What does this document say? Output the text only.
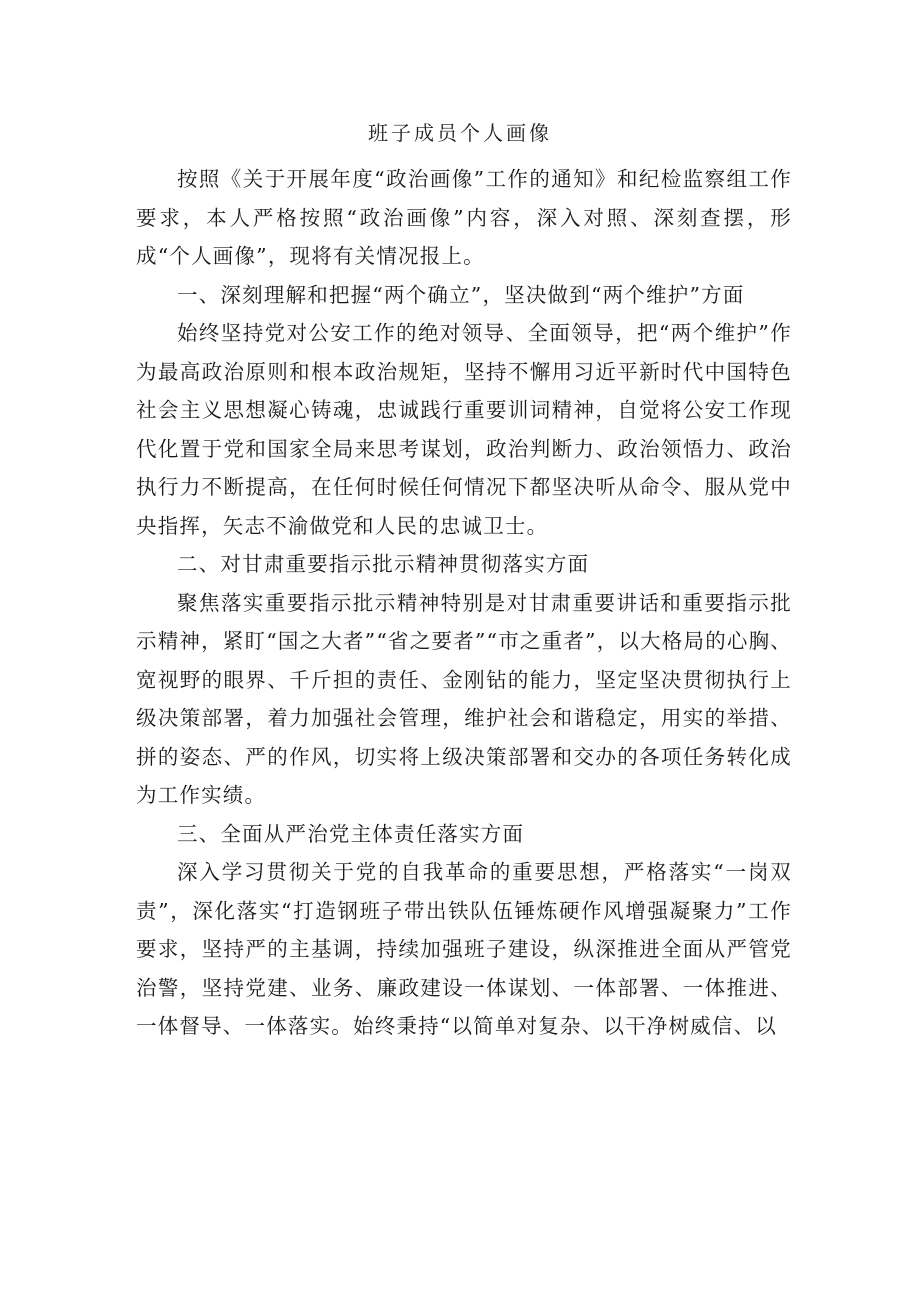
班子成员个人画像

按照《关于开展年度“政治画像”工作的通知》和纪检监察组工作要求，本人严格按照“政治画像”内容，深入对照、深刻查摆，形成“个人画像”，现将有关情况报上。

一、深刻理解和把握“两个确立”，坚决做到“两个维护”方面

始终坚持党对公安工作的绝对领导、全面领导，把“两个维护”作为最高政治原则和根本政治规矩，坚持不懈用习近平新时代中国特色社会主义思想凝心铸魂，忠诚践行重要训词精神，自觉将公安工作现代化置于党和国家全局来思考谋划，政治判断力、政治领悟力、政治执行力不断提高，在任何时候任何情况下都坚决听从命令、服从党中央指挥，矢志不渝做党和人民的忠诚卫士。

二、对甘肃重要指示批示精神贯彻落实方面

聚焦落实重要指示批示精神特别是对甘肃重要讲话和重要指示批示精神，紧盯“国之大者”“省之要者”“市之重者”，以大格局的心胸、宽视野的眼界、千斤担的责任、金刚钻的能力，坚定坚决贯彻执行上级决策部署，着力加强社会管理，维护社会和谐稳定，用实的举措、拼的姿态、严的作风，切实将上级决策部署和交办的各项任务转化成为工作实绩。

三、全面从严治党主体责任落实方面

深入学习贯彻关于党的自我革命的重要思想，严格落实“一岗双责”，深化落实“打造钢班子带出铁队伍锤炼硬作风增强凝聚力”工作要求，坚持严的主基调，持续加强班子建设，纵深推进全面从严管党治警，坚持党建、业务、廉政建设一体谋划、一体部署、一体推进、一体督导、一体落实。始终秉持“以简单对复杂、以干净树威信、以
